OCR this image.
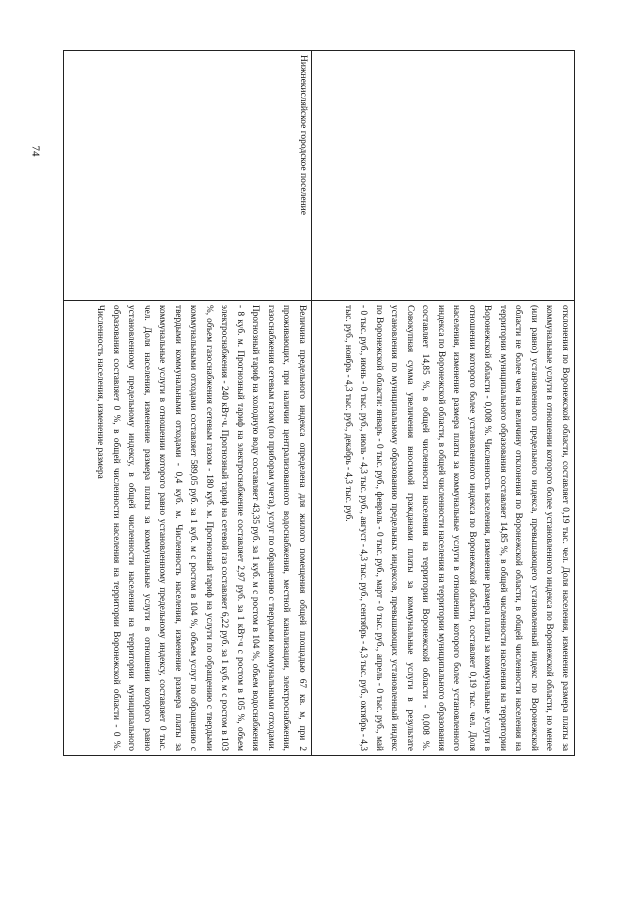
74
	отклонения по Воронежской области, составляет 0,19 тыс. чел. Доля населения, изменение размера платы за коммунальные услуги в отношении которого более установленного индекса по Воронежской области, но менее (или равно) установленного предельного индекса, превышающего установленный индекс по Воронежской области не более чем на величину отклонения по Воронежской области, в общей численности населения на территории муниципального образования составляет 14,85 %, в общей численности населения на территории Воронежской области - 0,008 %. Численность населения, изменение размера платы за коммунальные услуги в отношении которого более установленного индекса по Воронежской области, составляет 0,19 тыс. чел. Доля населения, изменение размера платы за коммунальные услуги в отношении которого более установленного индекса по Воронежской области, в общей численности населения на территории муниципального образования составляет 14,85 %, в общей численности населения на территории Воронежской области - 0,008 %. Совокупная сумма увеличения вносимой гражданами платы за коммунальные услуги в результате установления по муниципальному образованию предельных индексов, превышающих установленный индекс по Воронежской области: январь - 0 тыс. руб., февраль - 0 тыс. руб., март - 0 тыс. руб., апрель - 0 тыс. руб., май - 0 тыс. руб., июнь - 0 тыс. руб., июль - 4,3 тыс. руб., август - 4,3 тыс. руб., сентябрь - 4,3 тыс. руб., октябрь - 4,3 тыс. руб., ноябрь - 4,3 тыс. руб., декабрь - 4,3 тыс. руб.
Нижнекисляйское городское поселение	Величина предельного индекса определена для жилого помещения общей площадью 67 кв. м, при 2 проживающих, при наличии централизованного водоснабжения, местной канализации, электроснабжения, газоснабжения сетевым газом (по приборам учета), услуг по обращению с твердыми коммунальными отходами. Прогнозный тариф на холодную воду составляет 43,35 руб. за 1 куб. м с ростом в 104 %, объем водоснабжения - 8 куб. м. Прогнозный тариф на электроснабжение составляет 2,97 руб. за 1 кВт·ч с ростом в 105 %, объем электроснабжения - 240 кВт·ч. Прогнозный тариф на сетевой газ составляет 6,22 руб. за 1 куб. м с ростом в 103 %, объем газоснабжения сетевым газом - 180 куб. м. Прогнозный тариф на услуги по обращению с твердыми коммунальными отходами составляет 589,05 руб. за 1 куб. м с ростом в 104 %, объем услуг по обращению с твердыми коммунальными отходами - 0,4 куб. м. Численность населения, изменение размера платы за коммунальные услуги в отношении которого равно установленному предельному индексу, составляет 0 тыс. чел. Доля населения, изменение размера платы за коммунальные услуги в отношении которого равно установленному предельному индексу, в общей численности населения на территории муниципального образования составляет 0 %, в общей численности населения на территории Воронежской области - 0 %. Численность населения, изменение размера
